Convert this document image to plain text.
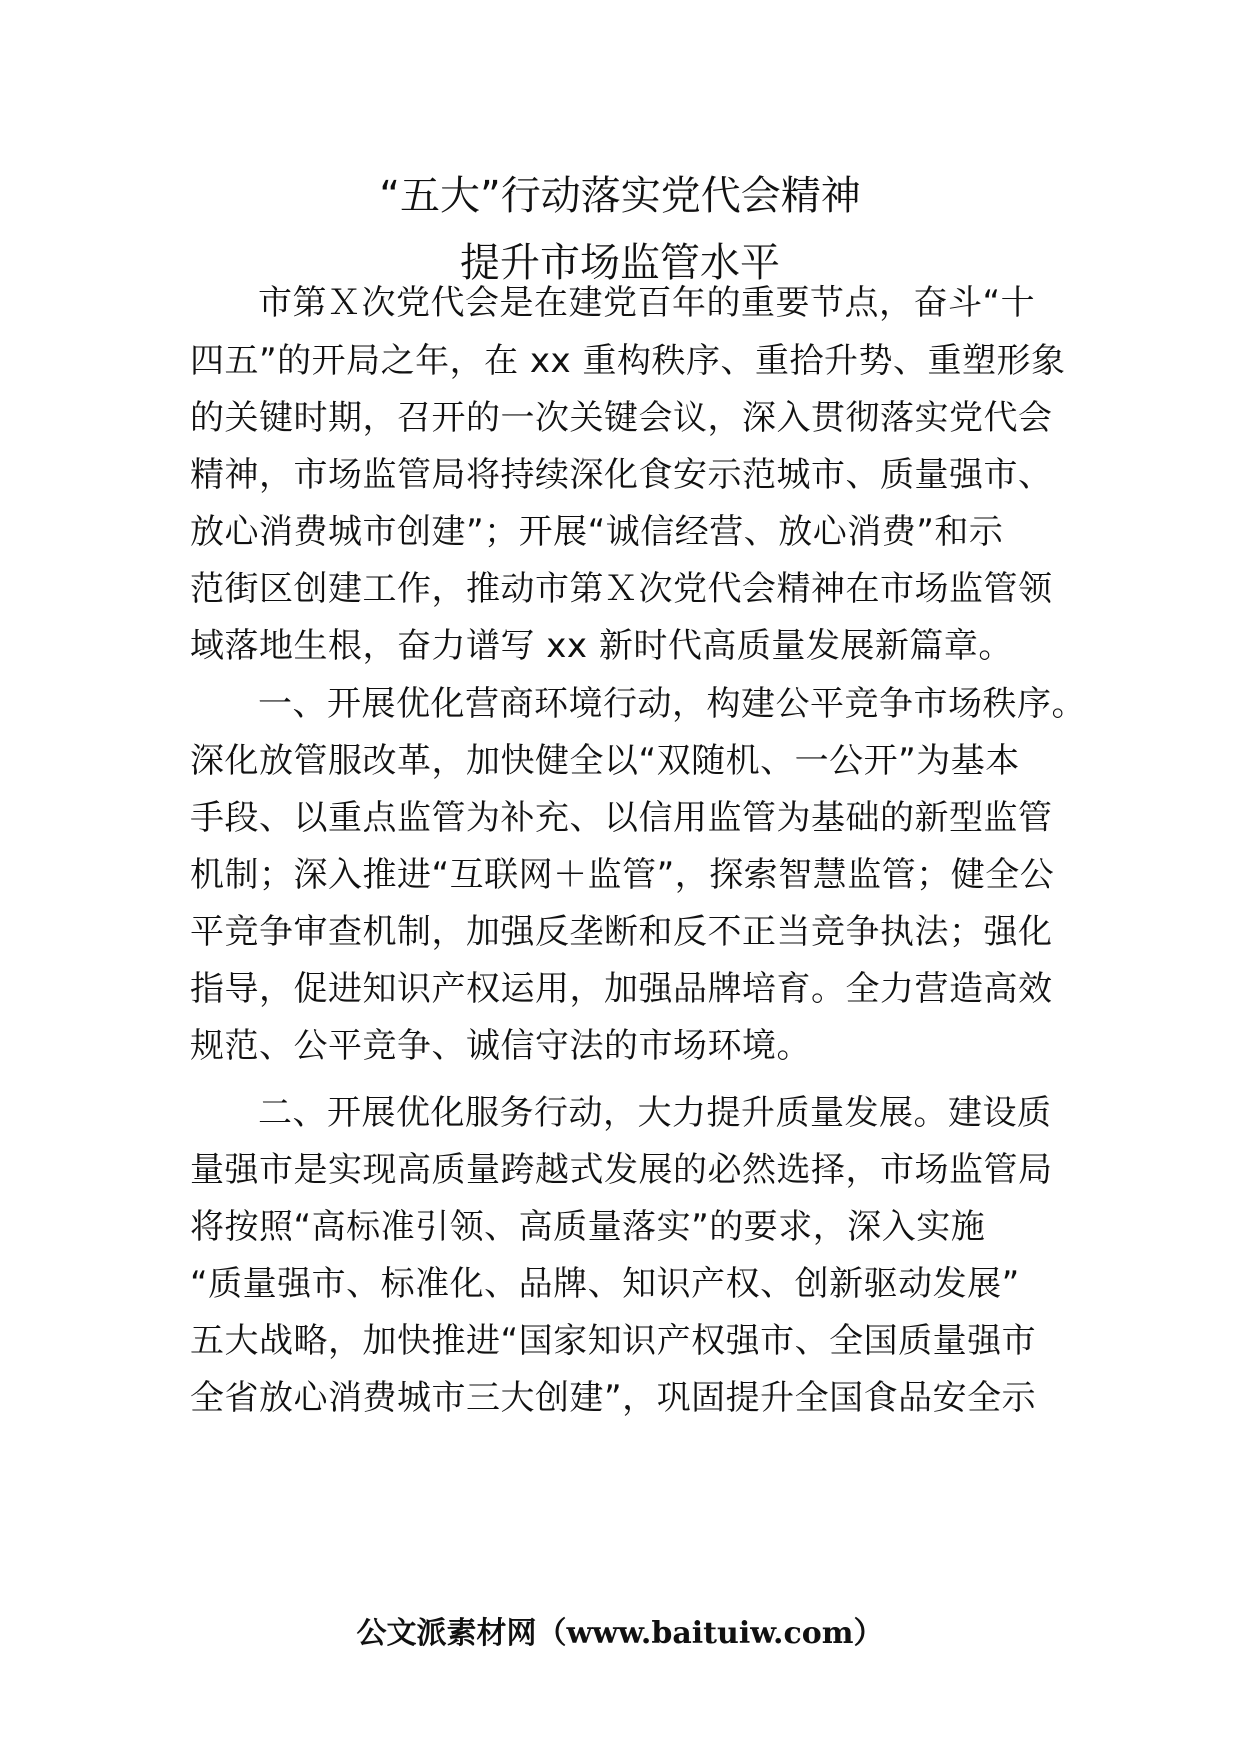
“五大”行动落实党代会精神
提升市场监管水平
市第Ｘ次党代会是在建党百年的重要节点，奋斗“十
四五”的开局之年，在 xx 重构秩序、重拾升势、重塑形象
的关键时期，召开的一次关键会议，深入贯彻落实党代会
精神，市场监管局将持续深化食安示范城市、质量强市、
放心消费城市创建”；开展“诚信经营、放心消费”和示
范街区创建工作，推动市第Ｘ次党代会精神在市场监管领
域落地生根，奋力谱写 xx 新时代高质量发展新篇章。
一、开展优化营商环境行动，构建公平竞争市场秩序。
深化放管服改革，加快健全以“双随机、一公开”为基本
手段、以重点监管为补充、以信用监管为基础的新型监管
机制；深入推进“互联网＋监管”，探索智慧监管；健全公
平竞争审查机制，加强反垄断和反不正当竞争执法；强化
指导，促进知识产权运用，加强品牌培育。全力营造高效
规范、公平竞争、诚信守法的市场环境。
二、开展优化服务行动，大力提升质量发展。建设质
量强市是实现高质量跨越式发展的必然选择，市场监管局
将按照“高标准引领、高质量落实”的要求，深入实施
“质量强市、标准化、品牌、知识产权、创新驱动发展”
五大战略，加快推进“国家知识产权强市、全国质量强市
全省放心消费城市三大创建”，巩固提升全国食品安全示
公文派素材网（www.baituiw.com）
